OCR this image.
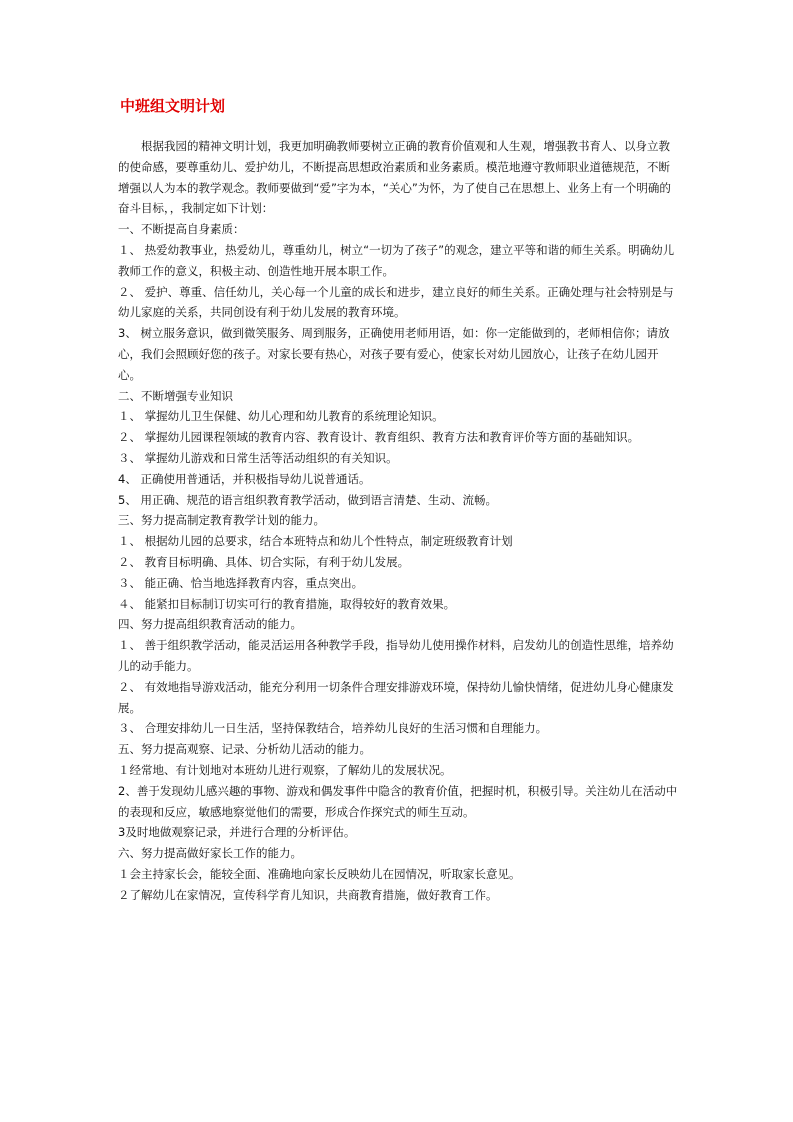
中班组文明计划

根据我园的精神文明计划，我更加明确教师要树立正确的教育价值观和人生观，增强教书育人、以身立教的使命感，要尊重幼儿、爱护幼儿，不断提高思想政治素质和业务素质。模范地遵守教师职业道德规范，不断增强以人为本的教学观念。教师要做到“爱”字为本，“关心”为怀，为了使自己在思想上、业务上有一个明确的奋斗目标，，我制定如下计划：

一、不断提高自身素质：

１、 热爱幼教事业，热爱幼儿，尊重幼儿，树立“一切为了孩子”的观念，建立平等和谐的师生关系。明确幼儿教师工作的意义，积极主动、创造性地开展本职工作。

２、 爱护、尊重、信任幼儿，关心每一个儿童的成长和进步，建立良好的师生关系。正确处理与社会特别是与幼儿家庭的关系，共同创设有利于幼儿发展的教育环境。

3、 树立服务意识，做到微笑服务、周到服务，正确使用老师用语，如：你一定能做到的，老师相信你；请放心，我们会照顾好您的孩子。对家长要有热心，对孩子要有爱心，使家长对幼儿园放心，让孩子在幼儿园开心。

二、不断增强专业知识

１、 掌握幼儿卫生保健、幼儿心理和幼儿教育的系统理论知识。

２、 掌握幼儿园课程领域的教育内容、教育设计、教育组织、教育方法和教育评价等方面的基础知识。

３、 掌握幼儿游戏和日常生活等活动组织的有关知识。

4、 正确使用普通话，并积极指导幼儿说普通话。

5、 用正确、规范的语言组织教育教学活动，做到语言清楚、生动、流畅。

三、努力提高制定教育教学计划的能力。

１、 根据幼儿园的总要求，结合本班特点和幼儿个性特点，制定班级教育计划

２、 教育目标明确、具体、切合实际，有利于幼儿发展。

３、 能正确、恰当地选择教育内容，重点突出。

４、 能紧扣目标制订切实可行的教育措施，取得较好的教育效果。

四、努力提高组织教育活动的能力。

１、 善于组织教学活动，能灵活运用各种教学手段，指导幼儿使用操作材料，启发幼儿的创造性思维，培养幼儿的动手能力。

２、 有效地指导游戏活动，能充分利用一切条件合理安排游戏环境，保持幼儿愉快情绪，促进幼儿身心健康发展。

３、 合理安排幼儿一日生活，坚持保教结合，培养幼儿良好的生活习惯和自理能力。

五、努力提高观察、记录、分析幼儿活动的能力。

１经常地、有计划地对本班幼儿进行观察，了解幼儿的发展状况。

2、善于发现幼儿感兴趣的事物、游戏和偶发事件中隐含的教育价值，把握时机，积极引导。关注幼儿在活动中的表现和反应，敏感地察觉他们的需要，形成合作探究式的师生互动。

3及时地做观察记录，并进行合理的分析评估。

六、努力提高做好家长工作的能力。

１会主持家长会，能较全面、准确地向家长反映幼儿在园情况，听取家长意见。

２了解幼儿在家情况，宣传科学育儿知识，共商教育措施，做好教育工作。
